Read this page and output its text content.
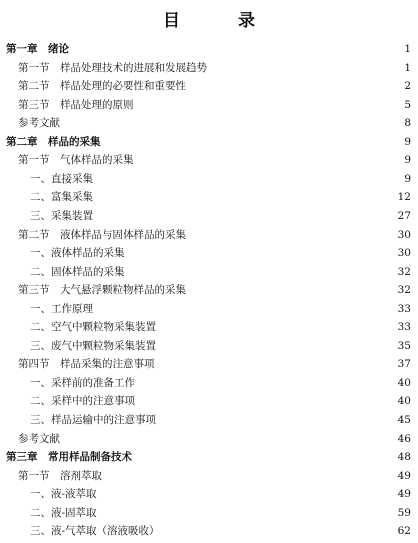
目 录
第一章　绪论	1
第一节　样品处理技术的进展和发展趋势	1
第二节　样品处理的必要性和重要性	2
第三节　样品处理的原则	5
参考文献	8
第二章　样品的采集	9
第一节　气体样品的采集	9
一、直接采集	9
二、富集采集	12
三、采集装置	27
第二节　液体样品与固体样品的采集	30
一、液体样品的采集	30
二、固体样品的采集	32
第三节　大气悬浮颗粒物样品的采集	32
一、工作原理	33
二、空气中颗粒物采集装置	33
三、废气中颗粒物采集装置	35
第四节　样品采集的注意事项	37
一、采样前的准备工作	40
二、采样中的注意事项	40
三、样品运输中的注意事项	45
参考文献	46
第三章　常用样品制备技术	48
第一节　溶剂萃取	49
一、液-液萃取	49
二、液-固萃取	59
三、液-气萃取（溶液吸收）	62
